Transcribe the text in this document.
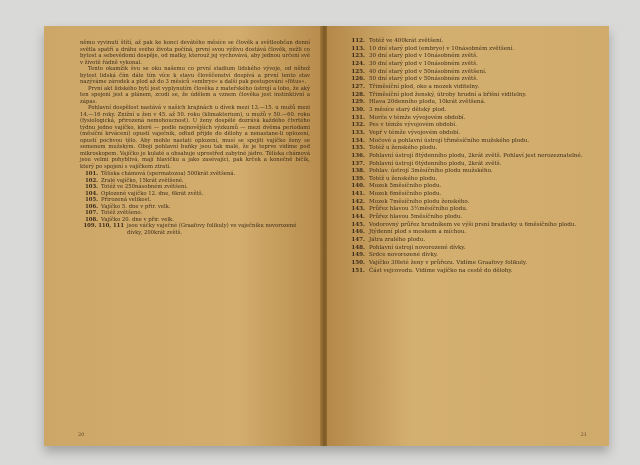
němu vyvinutí štítí, až pak ke konci devátého měsíce se člověk a světloobčan denní světla spatří a dráhu svého života počíná, první svou výživu dostává člověk, nežli co bytost a sebevědomí dospěje, od matky, kterouž jej vychovává, aby jednou určení své v životě řádně vykonal.

Tento okamžik švu se oku našemu co první stadium lidského vývoje, od něhož bytost lidská čím dále tím více k stavu člověčenství dospívá a první tento stav nazýváme zárodek a plod až do 3 měsíců »embryo« a další pak postupování »fötus«.

První akt lidského bytí jest vyplynutím člověka z mateřského ústrojí a lobo, že aký ten spojení jest a plánem, zcodí se, že údělem a vznem člověka jest instinktivní a zápas.

Pohlavní dospělost nastává v našich krajinách u dívek mezi 13.—15. u mužů mezi 14.—16 roky. Znižní u žen v 45. až 50. roku (klimakterium), u mužů v 50.—60. roku (fysiologická, přirozená nemohoucnost). U ženy dospělé dozrává každého čtvrtého týdnu jedno vajíčko, které — podle nejnovějších výzkumů — mezi dvěma periodami (měsíční krvácení) opustí vaječník, odtud přijde do dělohy a nenastane-li oplození, opustí pochvou tělo. Aby mohlo nastati oplození, musí se spojiti vajíčko ženy se semenem mužským. Oboji pohlavní buňky jsou tak malé, že je teprve vidíme pod mikroskopem. Vajíčko je kulaté a obsahuje uprostřed zabytné jádro. Tělíska chámová jsou velmi pohyblivá, mají hlavičku a jako zasévající, pak krček a konečně bičík, který po spojení s vajíčkem ztratí.

101. Tělíska chámová (spermatozoa) 500krát zvětšená.
102. Zralé vajíčko, 15krát zvětšené.
103. Totéž ve 250násobném zvětšení.
104. Oplozené vajíčko 12. dne, 6krát zvětš.
105. Přirozená velikost.
106. Vajíčko 5. dne v přir. velk.
107. Totéž zvětšeno.
108. Vajíčko 20. dne v přir. velk.
109. 110, 111 jsou váčky vaječné (Graafovy folikuly) ve vaječníku novorozené dívky, 200krát zvětš.
20
112. Totéž ve 400krát zvětšení.
113. 10 dní starý plod (embryo) v 10násobném zvětšení.
123. 30 dní starý plod v 10násobném zvětš.
124. 30 dní starý plod v 10násobném zvětš.
125. 40 dní starý plod v 50násobném zvětšení.
126. 50 dní starý plod v 50násobném zvětš.
127. Třiměsíční plod, oko a mozek viditelny.
128. Třiměsíční plod ženský, útroby hrudní a břišní viditelny.
129. Hlava 20denního plodu, 10krát zvětšená.
130. 3 měsíce starý dětský plod.
131. Morče v témže vývojovém období.
132. Pes v témže vývojovém období.
133. Vepř v témže vývojovém období.
134. Močové a pohlavní ústrojí třiměsíčního mužského plodu.
135. Totéž u ženského plodu.
136. Pohlavní ústrojí 8týdenního plodu, 2krát zvětš. Pohlaví jest nerozeznatelné.
137. Pohlavní ústrojí 6týdenního plodu, 2krát zvětš.
138. Pohlav. ústrojí 3měsíčního plodu mužského.
139. Totéž u ženského plodu.
140. Mozek 5měsíčního plodu.
141. Mozek 6měsíčního plodu.
142. Mozek 7měsíčního plodu ženského.
143. Průřez hlavou 3½měsíčního plodu.
144. Průřez hlavou 5měsíčního plodu.
145. Vodorovný průřez hrudníkem ve výši prsní bradavky u 6měsíčního plodu.
146. Jtýdenní plod s moskem a míchou.
147. Játra zralého plodu.
148. Pohlavní ústrojí novorozené dívky.
149. Srdce novorozené dívky.
150. Vajíčko 30leté ženy v průřezu. Vidíme Graafovy folikuly.
151. Část vejcovodu. Vidíme vajíčko na cestě do dělohy.
21
